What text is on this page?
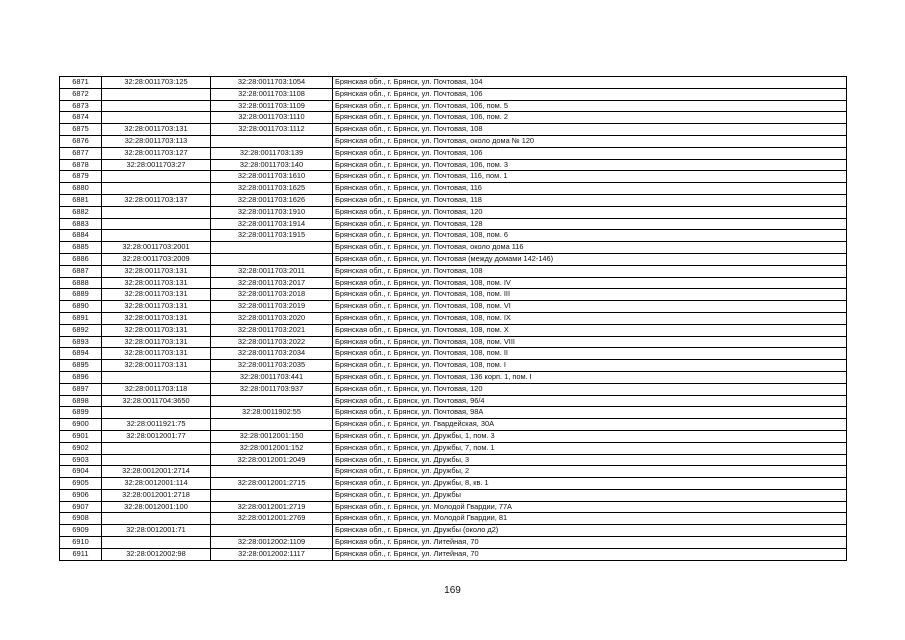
6871	32:28:0011703:125	32:28:0011703:1054	Брянская обл., г. Брянск, ул. Почтовая, 104
6872		32:28:0011703:1108	Брянская обл., г. Брянск, ул. Почтовая, 106
6873		32:28:0011703:1109	Брянская обл., г. Брянск, ул. Почтовая, 106, пом. 5
6874		32:28:0011703:1110	Брянская обл., г. Брянск, ул. Почтовая, 106, пом. 2
6875	32:28:0011703:131	32:28:0011703:1112	Брянская обл., г. Брянск, ул. Почтовая, 108
6876	32:28:0011703:113		Брянская обл., г. Брянск, ул. Почтовая, около дома № 120
6877	32:28:0011703:127	32:28:0011703:139	Брянская обл., г. Брянск, ул. Почтовая, 106
6878	32:28:0011703:27	32:28:0011703:140	Брянская обл., г. Брянск, ул. Почтовая, 106, пом. 3
6879		32:28:0011703:1610	Брянская обл., г. Брянск, ул. Почтовая, 116, пом. 1
6880		32:28:0011703:1625	Брянская обл., г. Брянск, ул. Почтовая, 116
6881	32:28:0011703:137	32:28:0011703:1626	Брянская обл., г. Брянск, ул. Почтовая, 118
6882		32:28:0011703:1910	Брянская обл., г. Брянск, ул. Почтовая, 120
6883		32:28:0011703:1914	Брянская обл., г. Брянск, ул. Почтовая, 128
6884		32:28:0011703:1915	Брянская обл., г. Брянск, ул. Почтовая, 108, пом. 6
6885	32:28:0011703:2001		Брянская обл., г. Брянск, ул. Почтовая, около дома 116
6886	32:28:0011703:2009		Брянская обл., г. Брянск, ул. Почтовая (между домами 142-146)
6887	32:28:0011703:131	32:28:0011703:2011	Брянская обл., г. Брянск, ул. Почтовая, 108
6888	32:28:0011703:131	32:28:0011703:2017	Брянская обл., г. Брянск, ул. Почтовая, 108, пом. IV
6889	32:28:0011703:131	32:28:0011703:2018	Брянская обл., г. Брянск, ул. Почтовая, 108, пом. III
6890	32:28:0011703:131	32:28:0011703:2019	Брянская обл., г. Брянск, ул. Почтовая, 108, пом. VI
6891	32:28:0011703:131	32:28:0011703:2020	Брянская обл., г. Брянск, ул. Почтовая, 108, пом. IX
6892	32:28:0011703:131	32:28:0011703:2021	Брянская обл., г. Брянск, ул. Почтовая, 108, пом. X
6893	32:28:0011703:131	32:28:0011703:2022	Брянская обл., г. Брянск, ул. Почтовая, 108, пом. VIII
6894	32:28:0011703:131	32:28:0011703:2034	Брянская обл., г. Брянск, ул. Почтовая, 108, пом. II
6895	32:28:0011703:131	32:28:0011703:2035	Брянская обл., г. Брянск, ул. Почтовая, 108, пом. I
6896		32:28:0011703:441	Брянская обл., г. Брянск, ул. Почтовая, 136 корп. 1, пом. I
6897	32:28:0011703:118	32:28:0011703:937	Брянская обл., г. Брянск, ул. Почтовая, 120
6898	32:28:0011704:3650		Брянская обл., г. Брянск, ул. Почтовая, 96/4
6899		32:28:0011902:55	Брянская обл., г. Брянск, ул. Почтовая, 98А
6900	32:28:0011921:75		Брянская обл., г. Брянск, ул. Гвардейская, 30А
6901	32:28:0012001:77	32:28:0012001:150	Брянская обл., г. Брянск, ул. Дружбы, 1, пом. 3
6902		32:28:0012001:152	Брянская обл., г. Брянск, ул. Дружбы, 7, пом. 1
6903		32:28:0012001:2049	Брянская обл., г. Брянск, ул. Дружбы, 3
6904	32:28:0012001:2714		Брянская обл., г. Брянск, ул. Дружбы, 2
6905	32:28:0012001:114	32:28:0012001:2715	Брянская обл., г. Брянск, ул. Дружбы, 8, кв. 1
6906	32:28:0012001:2718		Брянская обл., г. Брянск, ул. Дружбы
6907	32:28:0012001:100	32:28:0012001:2719	Брянская обл., г. Брянск, ул. Молодой Гвардии, 77А
6908		32:28:0012001:2769	Брянская обл., г. Брянск, ул. Молодой Гвардии, 81
6909	32:28:0012001:71		Брянская обл., г. Брянск, ул. Дружбы (около д2)
6910		32:28:0012002:1109	Брянская обл., г. Брянск, ул. Литейная, 70
6911	32:28:0012002:98	32:28:0012002:1117	Брянская обл., г. Брянск, ул. Литейная, 70
169
